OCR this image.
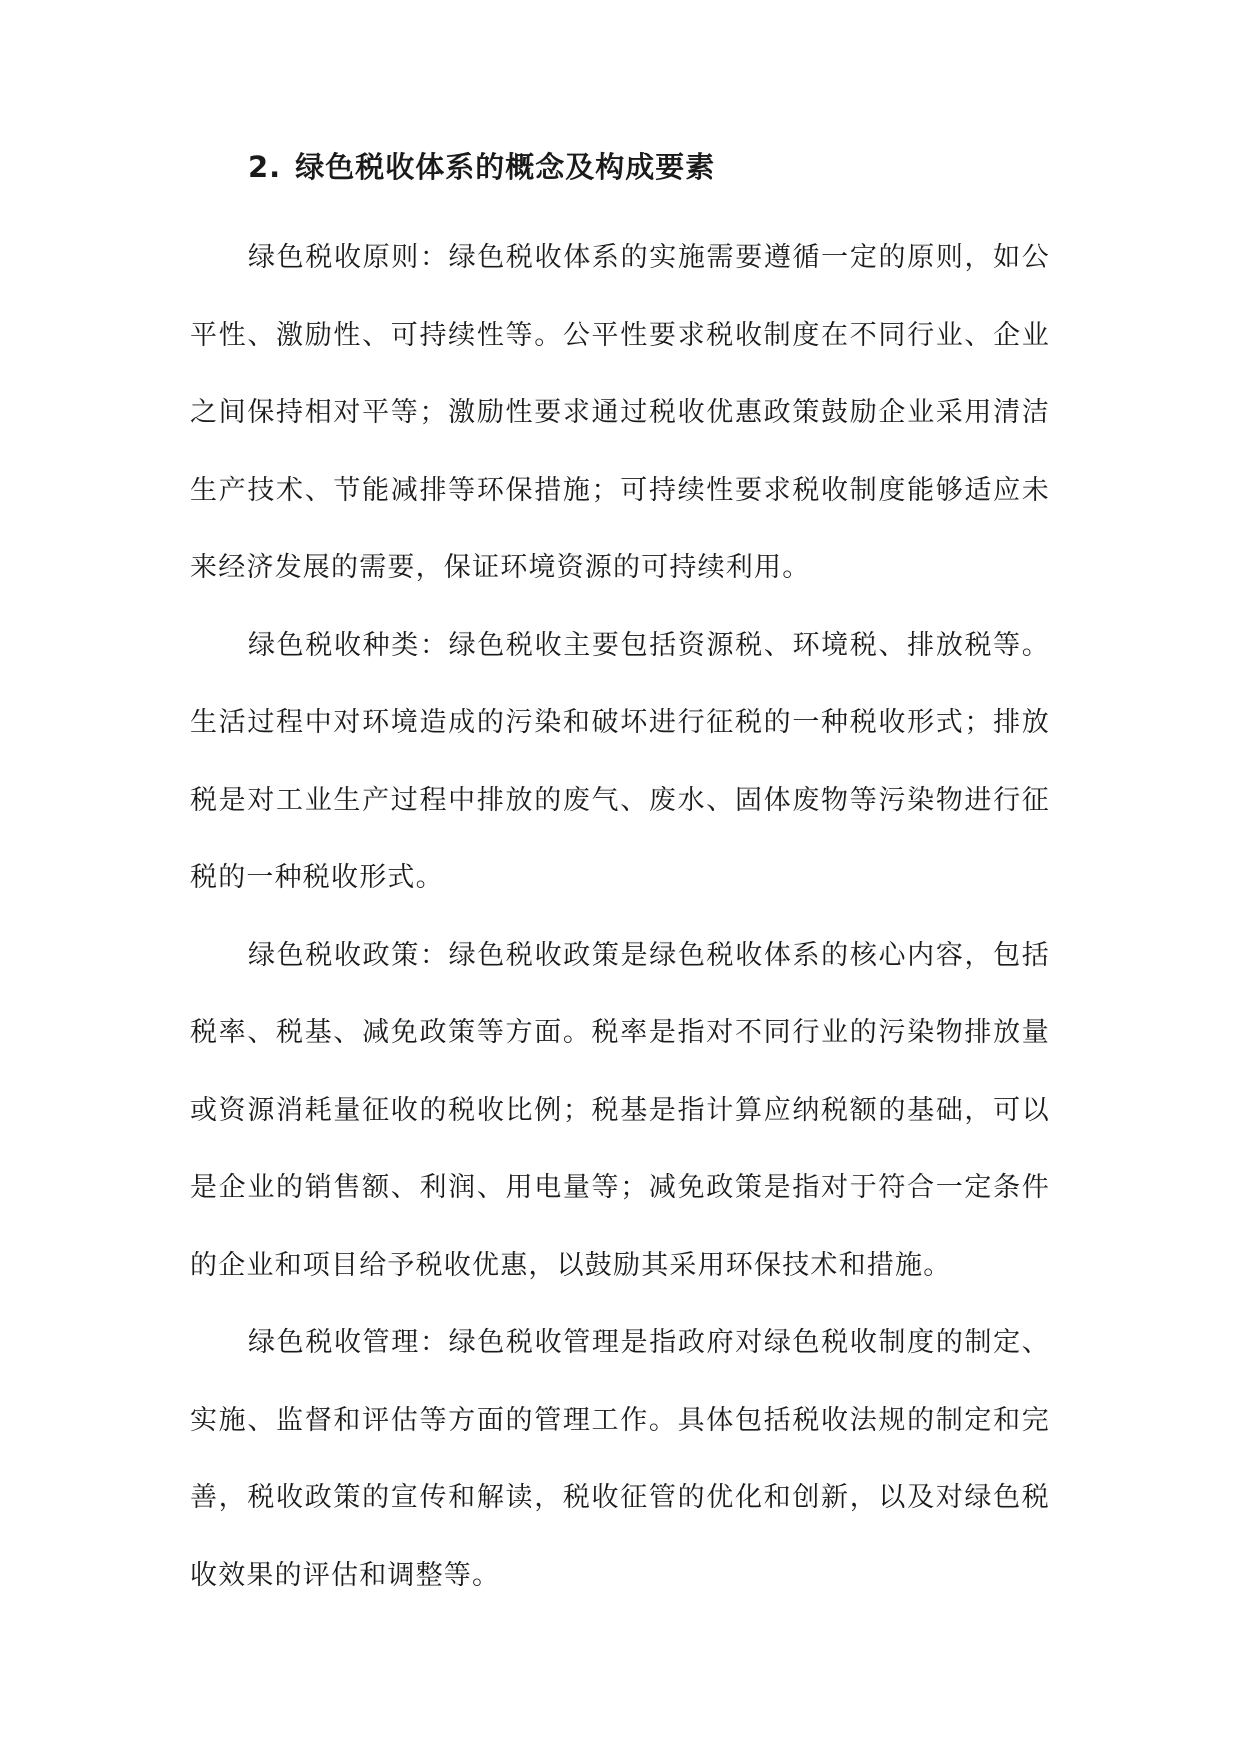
2. 绿色税收体系的概念及构成要素

绿色税收原则：绿色税收体系的实施需要遵循一定的原则，如公平性、激励性、可持续性等。公平性要求税收制度在不同行业、企业之间保持相对平等；激励性要求通过税收优惠政策鼓励企业采用清洁生产技术、节能减排等环保措施；可持续性要求税收制度能够适应未来经济发展的需要，保证环境资源的可持续利用。

绿色税收种类：绿色税收主要包括资源税、环境税、排放税等。生活过程中对环境造成的污染和破坏进行征税的一种税收形式；排放税是对工业生产过程中排放的废气、废水、固体废物等污染物进行征税的一种税收形式。

绿色税收政策：绿色税收政策是绿色税收体系的核心内容，包括税率、税基、减免政策等方面。税率是指对不同行业的污染物排放量或资源消耗量征收的税收比例；税基是指计算应纳税额的基础，可以是企业的销售额、利润、用电量等；减免政策是指对于符合一定条件的企业和项目给予税收优惠，以鼓励其采用环保技术和措施。

绿色税收管理：绿色税收管理是指政府对绿色税收制度的制定、实施、监督和评估等方面的管理工作。具体包括税收法规的制定和完善，税收政策的宣传和解读，税收征管的优化和创新，以及对绿色税收效果的评估和调整等。
